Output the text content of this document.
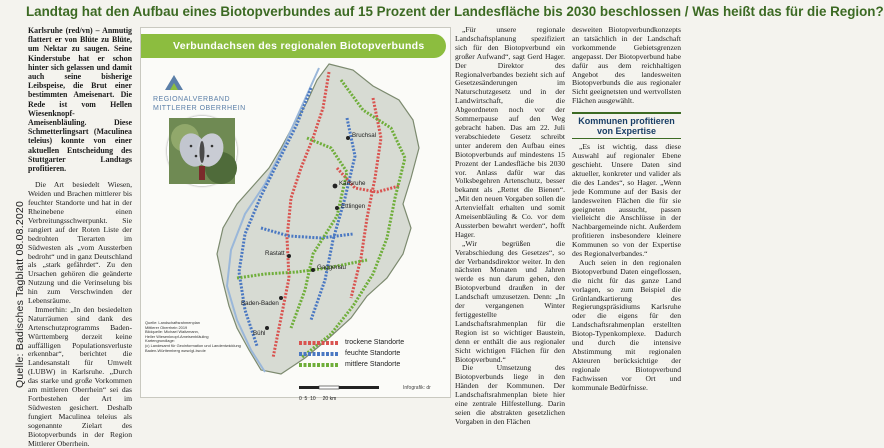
Quelle: Badisches Tagblatt 08.08.2020
Landtag hat den Aufbau eines Biotopverbundes auf 15 Prozent der Landesfläche bis 2030 beschlossen / Was heißt das für die Region?

Karlsruhe (red/vn) – Anmutig flattert er von Blüte zu Blüte, um Nektar zu saugen. Seine Kinderstube hat er schon hinter sich gelassen und damit auch seine bisherige Leibspeise, die Brut einer bestimmten Ameisenart. Die Rede ist vom Hellen Wiesenknopf-Ameisenbläuling. Diese Schmetterlingsart (Maculinea teleius) konnte von einer aktuellen Entscheidung des Stuttgarter Landtags profitieren.

Die Art besiedelt Wiesen, Weiden und Brachen mittlerer bis feuchter Standorte und hat in der Rheinebene einen Verbreitungsschwerpunkt. Sie rangiert auf der Roten Liste der bedrohten Tierarten im Südwesten als „vom Aussterben bedroht“ und in ganz Deutschland als „stark gefährdet“. Zu den Ursachen gehören die geänderte Nutzung und die Verinselung bis hin zum Verschwinden der Lebensräume.

Immerhin: „In den besiedelten Naturräumen sind dank des Artenschutzprogramms Baden-Württemberg derzeit keine auffälligen Populationsverluste erkennbar“, berichtet die Landesanstalt für Umwelt (LUBW) in Karlsruhe. „Durch das starke und große Vorkommen am mittleren Oberrhein“ sei das Fortbestehen der Art im Südwesten gesichert. Deshalb fungiert Maculinea teleius als sogenannte Zielart des Biotopverbunds in der Region Mittlerer Oberrhein.

Verbundachsen des regionalen Biotopverbunds
REGIONALVERBAND
MITTLERER OBERRHEIN
Bruchsal
Karlsruhe
Ettlingen
Rastatt
Gaggenau
Baden-Baden
Bühl
Quelle: Landschaftsrahmenplan
Mittlerer Oberrhein 2019
Bildquelle: Michael Waitzmann,
Heller Wiesenknopf-Ameisenbläuling
Kartengrundlage:
(c) Landesamt für Geoinformation und Landentwicklung
Baden-Württemberg www.lgl-bw.de
trockene Standorte
feuchte Standorte
mittlere Standorte
0  5  10     20 km
Infografik: dr

„Für unsere regionale Landschaftsplanung spezifiziert sich für den Biotopverbund ein großer Aufwand“, sagt Gerd Hager. Der Direktor des Regionalverbandes bezieht sich auf Gesetzesänderungen im Naturschutzgesetz und in der Landwirtschaft, die die Abgeordneten noch vor der Sommerpause auf den Weg gebracht haben. Das am 22. Juli verabschiedete Gesetz schreibt unter anderem den Aufbau eines Biotopverbunds auf mindestens 15 Prozent der Landesfläche bis 2030 vor. Anlass dafür war das Volksbegehren Artenschutz, besser bekannt als „Rettet die Bienen“. „Mit den neuen Vorgaben sollen die Artenvielfalt erhalten und somit Ameisenbläuling & Co. vor dem Aussterben bewahrt werden“, hofft Hager.

„Wir begrüßen die Verabschiedung des Gesetzes“, so der Verbandsdirektor weiter. In den nächsten Monaten und Jahren werde es nun darum gehen, den Biotopverbund draußen in der Landschaft umzusetzen. Denn: „In der vergangenen Winter fertiggestellte Landschaftsrahmenplan für die Region ist so wichtiger Baustein, denn er enthält die aus regionaler Sicht wichtigen Flächen für den Biotopverbund.“

Die Umsetzung des Biotopverbunds liege in den Händen der Kommunen. Der Landschaftsrahmenplan biete hier eine zentrale Hilfestellung. Darin seien die abstrakten gesetzlichen Vorgaben in den Flächen

desweiten Biotopverbundkonzepts an tatsächlich in der Landschaft vorkommende Gebietsgrenzen angepasst. Der Biotopverbund habe dafür aus dem reichhaltigen Angebot des landesweiten Biotopverbunds die aus regionaler Sicht geeignetsten und wertvollsten Flächen ausgewählt.

Kommunen profitieren von Expertise

„Es ist wichtig, dass diese Auswahl auf regionaler Ebene geschieht. Unsere Daten sind aktueller, konkreter und valider als die des Landes“, so Hager. „Wenn jede Kommune auf der Basis der landesweiten Flächen die für sie geeigneten aussucht, passen vielleicht die Anschlüsse in der Nachbargemeinde nicht. Außerdem profitieren insbesondere kleinere Kommunen so von der Expertise des Regionalverbandes.“

Auch seien in den regionalen Biotopverbund Daten eingeflossen, die nicht für das ganze Land vorlagen, so zum Beispiel die Grünlandkartierung des Regierungspräsidiums Karlsruhe oder die eigens für den Landschaftsrahmenplan erstellten Biotop-Typenkomplexe. Dadurch und durch die intensive Abstimmung mit regionalen Akteuren berücksichtige der regionale Biotopverbund Fachwissen vor Ort und kommunale Bedürfnisse.
